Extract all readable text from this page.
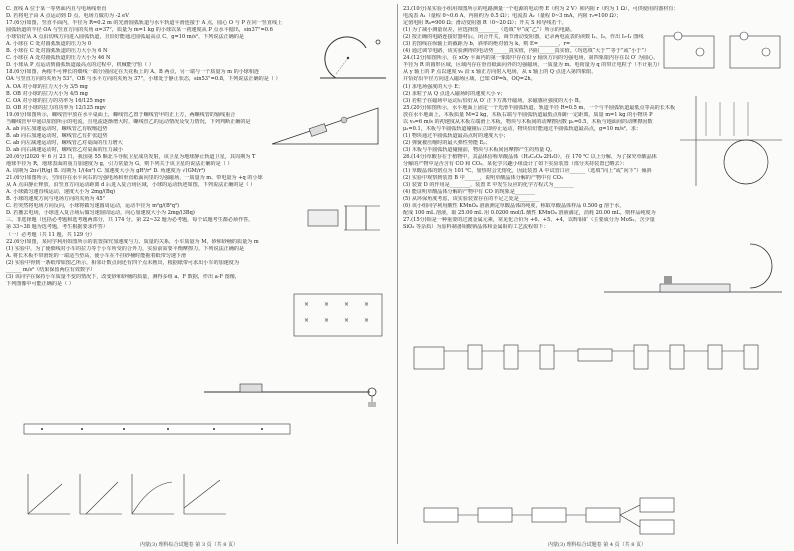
C. 直线 A 位于某一等势面内且与电场线垂直
D. 若将电子由 A 点运动到 D 点，电场力做功为 -2 eV
17.(6分)如图，竖直平面内，半径为 R=0.2 m 的光滑圆弧轨道与水平轨道平滑连接于 A 点，圆心 O 与 P 在同一竖直线上
圆弧轨道的半径 OA 与竖直方向的夹角 α=37°，质量为 m=1 kg 的小球以某一初速度从 P 点水平抛出，sin37°=0.6
小球恰好从 A 点沿切线方向进入圆弧轨道，且恰好能通过圆弧最高点 C，g=10 m/s²，下列说法正确的是
A. 小球在 C 处对圆弧轨道的压力为 0
B. 小球在 C 处对圆弧轨道的压力大小为 6 N
C. 小球在 A 处对圆弧轨道的压力大小为 46 N
D. 小球从 P 点运动到圆弧轨道最高点的过程中，机械能守恒（ ）
18.(6分)如图，两根不可伸长的细线一端分别固定在天花板上的 A、B 两点，另一端与一个质量为 m 的小球相连
OA 与竖直方向的夹角为 53°，OB 与水平方向的夹角为 37°，小球处于静止状态，sin53°=0.8，下列说法正确的是（ ）
A. OA 对小球的拉力大小为 3/5 mg
B. OB 对小球的拉力大小为 4/5 mg
C. OA 对小球的拉力的功率为 16/125 mgv
D. OB 对小球的拉力的功率为 12/125 mgv
19.(6分)如图所示，螺线管甲放在水平桌面上，螺线管乙置于螺线管甲的正上方，两螺线管的轴线重合
当螺线管甲中通以如图所示的电流，且电流逐渐增大时，螺线管乙的运动情况及受力情况，下列判断正确的是
A. ab 向左加速运动时，螺线管乙有收缩趋势
B. ab 向右加速运动时，螺线管乙有扩张趋势
C. ab 向左减速运动时，螺线管乙对桌面的压力增大
D. ab 向右减速运动时，螺线管乙对桌面的压力减小
20.(6分)2020 年 6 月 23 日，我国第 55 颗北斗导航卫星成功发射，该卫星为地球静止轨道卫星，其周期为 T
地球半径为 R，地球表面的重力加速度为 g，引力常量为 G，则下列关于该卫星的说法正确的是（ ）
A. 周期为 2π√(R/g) B. 周期为 1/(4π²) C. 加速度大小为 gR²/r² D. 角速度为 √(GM/r³)
21.(6分)如图所示，空间存在水平向右的匀强电场和垂直纸面向里的匀强磁场，一质量为 m、带电量为 +q 的小球
从 A 点由静止释放，沿竖直方向运动距离 d 后进入复合场区域，小球的运动轨迹如图，下列说法正确的是（ ）
A. 小球做匀速直线运动，速度大小为 2mg/(Bq)
B. 小球的速度方向与电场方向的夹角为 45°
C. 若突然将电场方向反向，小球将做匀速圆周运动，运动半径为 m²g/(B²q²)
D. 若撤去电场，小球进入复合场后做匀速圆周运动，向心加速度大小为 2mg/(3Bq)
三、非选择题（包括必考题和选考题两部分，共 174 分。第 22~32 题为必考题，每个试题考生都必须作答。
第 33~38 题为选考题，考生根据要求作答）
（一）必考题（共 11 题，共 129 分）
22.(6分)如图，某同学利用如图所示的装置探究加速度与力、质量的关系，小车质量为 M，砂和砂桶的质量为 m
(1) 实验中，为了使细线对小车的拉力等于小车所受的合外力，实验前需要平衡摩擦力，下列说法正确的是
A. 将长木板不带滑轮的一端适当垫高，使小车在不挂砂桶时能拖着纸带匀速下滑
(2) 实验中得到一条纸带如图乙所示，相邻计数点间还有四个点未画出，根据纸带可求出小车的加速度为
______ m/s²（结果保留两位有效数字）
(3) 该同学在保持小车质量不变的情况下，改变砂和砂桶的质量，测得多组 a、F 数据，作出 a-F 图像，
下列图像中可能正确的是（ ）
23.(10分)某实验小组用如图所示的电路测量一个电源的电动势 E（约为 2 V）和内阻 r（约为 1 Ω），可供使用的器材有：
电流表 A₁（量程 0~0.6 A，内阻约为 0.5 Ω）；电流表 A₂（量程 0~3 mA，内阻 r₂=100 Ω）；
定值电阻 R₀=900 Ω；滑动变阻器 R（0~20 Ω）；开关 S 和导线若干。
(1) 为了减小测量误差，应选择图________（选填“甲”或“乙”）所示的电路。
(2) 按正确的电路连接好器材后，闭合开关，调节滑动变阻器，记录两电流表的读数 I₁、I₂，作出 I₂-I₁ 图线
(3) 若图线在纵轴上的截距为 b，斜率的绝对值为 k，则 E=________，r=________
(4) 通过调节电路，该实验测得的电动势______真实值，内阻______真实值。（均选填“大于”“等于”或“小于”）
24.(12分)如图所示，在 xOy 平面内的第一象限中存在沿 y 轴负方向的匀强电场，第四象限内存在以 O′ 为圆心、
半径为 R 的圆形区域，区域内存在垂直纸面向外的匀强磁场，一质量为 m、电荷量为 q 的带正电粒子（不计重力）
从 y 轴上的 P 点以速度 v₀ 沿 x 轴正方向射入电场，从 x 轴上的 Q 点进入第四象限，
并恰好沿半径方向进入磁场区域，已知 OP=h，OQ=2h。
(1) 求电场强度的大小 E；
(2) 求粒子从 Q 点进入磁场时的速度大小 v；
(3) 若粒子在磁场中运动后恰好从 O′ 正下方离开磁场，求磁感应强度的大小 B。
25.(20分)如图所示，水平地面上固定一个光滑半圆弧轨道，轨道半径 R=0.5 m，一个与半圆弧轨道最低点等高的长木板
放在水平地面上，木板质量 M=2 kg，木板右端与半圆弧轨道最低点相距一定距离，质量 m=1 kg 的小物块 P
以 v₀=6 m/s 的初速度从木板左端滑上木板，物块与木板间的动摩擦因数 μ₁=0.5，木板与地面间的动摩擦因数
μ₂=0.1，木板与半圆弧轨道碰撞后立即停止运动，物块恰好能通过半圆弧轨道最高点，g=10 m/s²，求：
(1) 物块通过半圆弧轨道最高点时的速度大小；
(2) 弹簧被压缩时的最大弹性势能 Eₚ；
(3) 木板与半圆弧轨道碰撞前，物块与木板间因摩擦产生的热量 Q。
26.(14分)草酸存在于植物中，其晶体俗称草酸晶体（H₂C₂O₄·2H₂O），在 170 ℃ 以上分解，为了探究草酸晶体
分解的产物中是否含有 CO 和 CO₂，某化学兴趣小组设计了如下实验装置（部分夹持装置已略去）：
(1) 草酸晶体的熔点为 101 ℃，加热时会先熔化，因此装置 A 中试管口应______（选填“向上”或“向下”）倾斜
(2) 实验中观察到装置 B 中______，说明草酸晶体分解的产物中有 CO₂
(3) 装置 D 的作用是________，装置 E 中发生反应的化学方程式为________
(4) 能证明草酸晶体分解的产物中有 CO 的现象是________
(5) 从环保角度考虑，该实验装置存在的不足之处是________
(6) 该小组同学利用酸性 KMnO₄ 溶液测定草酸晶体的纯度，称取草酸晶体样品 0.500 g 溶于水，
配成 100 mL 溶液，取 25.00 mL 用 0.0200 mol/L 酸性 KMnO₄ 溶液滴定，消耗 20.00 mL，则样品纯度为
27.(15分)钼是一种重要的过渡金属元素，常见化合价为 +6、+5、+4，以辉钼矿（主要成分为 MoS₂，含少量
SiO₂ 等杂质）为原料制备钼酸钠晶体和金属钼的工艺流程如下：
× × × ×
× × × ×
内蒙(3) 理科综合试题卷 第 3 页（共 8 页）	内蒙(3) 理科综合试题卷 第 4 页（共 8 页）
